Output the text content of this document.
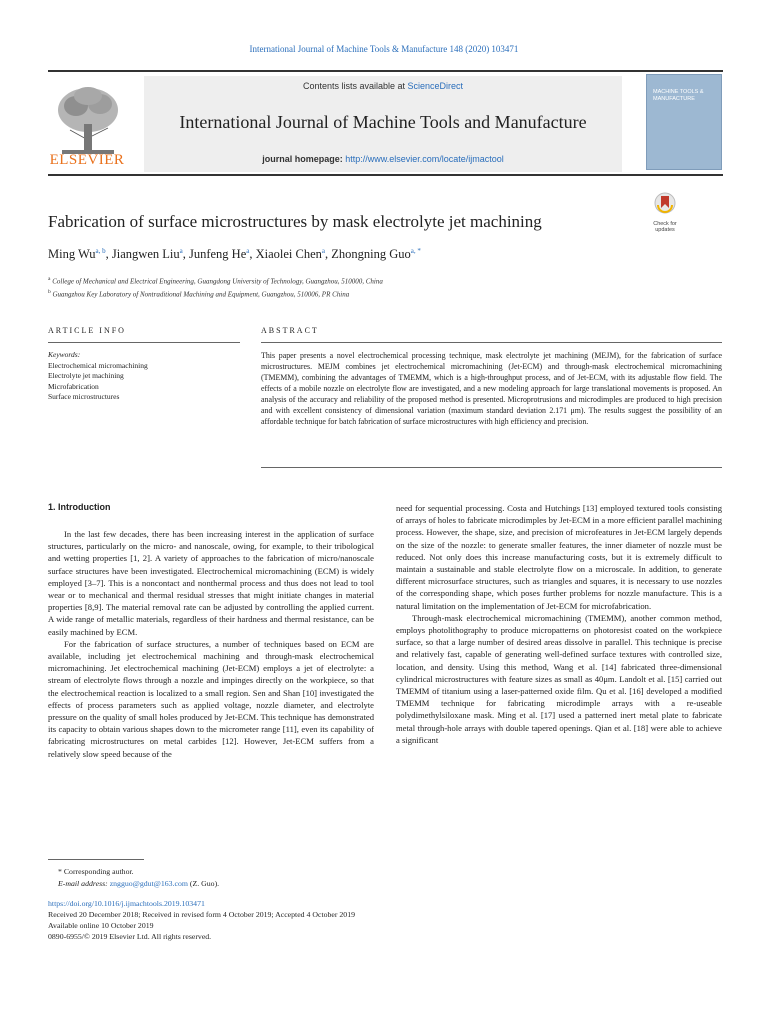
International Journal of Machine Tools & Manufacture 148 (2020) 103471
ELSEVIER
Contents lists available at ScienceDirect
International Journal of Machine Tools and Manufacture
journal homepage: http://www.elsevier.com/locate/ijmactool
MACHINE TOOLS & MANUFACTURE
Fabrication of surface microstructures by mask electrolyte jet machining	Check for updates
Ming Wu$^{a, b}$, Jiangwen Liu$^a$, Junfeng He$^a$, Xiaolei Chen$^a$, Zhongning Guo$^{a, *}$
$^a$ College of Mechanical and Electrical Engineering, Guangdong University of Technology, Guangzhou, 510000, China
$^b$ Guangzhou Key Laboratory of Nontraditional Machining and Equipment, Guangzhou, 510006, PR China
ARTICLE INFO	ABSTRACT
Keywords:
Electrochemical micromachining
Electrolyte jet machining
Microfabrication
Surface microstructures
This paper presents a novel electrochemical processing technique, mask electrolyte jet machining (MEJM), for the fabrication of surface microstructures. MEJM combines jet electrochemical micromachining (Jet-ECM) and through-mask electrochemical micromachining (TMEMM), combining the advantages of TMEMM, which is a high-throughput process, and of Jet-ECM, with its adjustable flow field. The effects of a mobile nozzle on electrolyte flow are investigated, and a new modeling approach for large translational movements is proposed. An analysis of the accuracy and reliability of the proposed method is presented. Microprotrusions and microdimples are produced to high precision and with excellent consistency of dimensional variation (maximum standard deviation 2.171 μm). The results suggest the possibility of an affordable technique for batch fabrication of surface microstructures with high efficiency and precision.
1. Introduction

In the last few decades, there has been increasing interest in the application of surface structures, particularly on the micro- and nanoscale, owing, for example, to their tribological and wetting properties [1, 2]. A variety of approaches to the fabrication of micro/nanoscale surface structures have been investigated. Electrochemical micromachining (ECM) is widely employed [3–7]. This is a noncontact and nonthermal process and thus does not lead to tool wear or to mechanical and thermal residual stresses that might initiate changes in material properties [8,9]. The material removal rate can be adjusted by controlling the applied current. A wide range of metallic materials, regardless of their hardness and thermal resistance, can be easily machined by ECM.

For the fabrication of surface structures, a number of techniques based on ECM are available, including jet electrochemical machining and through-mask electrochemical micromachining. Jet electrochemical machining (Jet-ECM) employs a jet of electrolyte: a stream of electrolyte flows through a nozzle and impinges directly on the workpiece, so that the electrochemical reaction is localized to a small region. Sen and Shan [10] investigated the effects of process parameters such as applied voltage, nozzle diameter, and electrolyte pressure on the quality of small holes produced by Jet-ECM. This technique has demonstrated its capacity to obtain various shapes down to the micrometer range [11], even its capability of fabricating microstructures on metal carbides [12]. However, Jet-ECM suffers from a relatively slow speed because of the

need for sequential processing. Costa and Hutchings [13] employed textured tools consisting of arrays of holes to fabricate microdimples by Jet-ECM in a more efficient parallel machining process. However, the shape, size, and precision of microfeatures in Jet-ECM largely depends on the size of the nozzle: to generate smaller features, the inner diameter of nozzle must be reduced. Not only does this increase manufacturing costs, but it is extremely difficult to maintain a sustainable and stable electrolyte flow on a microscale. In addition, to generate different microsurface structures, such as triangles and squares, it is necessary to use nozzles of the corresponding shape, which poses further problems for nozzle manufacture. This is a natural limitation on the implementation of Jet-ECM for microfabrication.

Through-mask electrochemical micromachining (TMEMM), another common method, employs photolithography to produce micropatterns on photoresist coated on the workpiece surface, so that a large number of desired areas dissolve in parallel. This technique is precise and relatively fast, capable of generating well-defined surface textures with controlled size, location, and density. Using this method, Wang et al. [14] fabricated three-dimensional cylindrical microstructures with feature sizes as small as 40μm. Landolt et al. [15] carried out TMEMM of titanium using a laser-patterned oxide film. Qu et al. [16] developed a modified TMEMM technique for fabricating microdimple arrays with a re-useable polydimethylsiloxane mask. Ming et al. [17] used a patterned inert metal plate to fabricate metal through-hole arrays with double tapered openings. Qian et al. [18] were able to achieve a significant

* Corresponding author.
E-mail address: zngguo@gdut@163.com (Z. Guo).
https://doi.org/10.1016/j.ijmachtools.2019.103471
Received 20 December 2018; Received in revised form 4 October 2019; Accepted 4 October 2019
Available online 10 October 2019
0890-6955/© 2019 Elsevier Ltd. All rights reserved.
